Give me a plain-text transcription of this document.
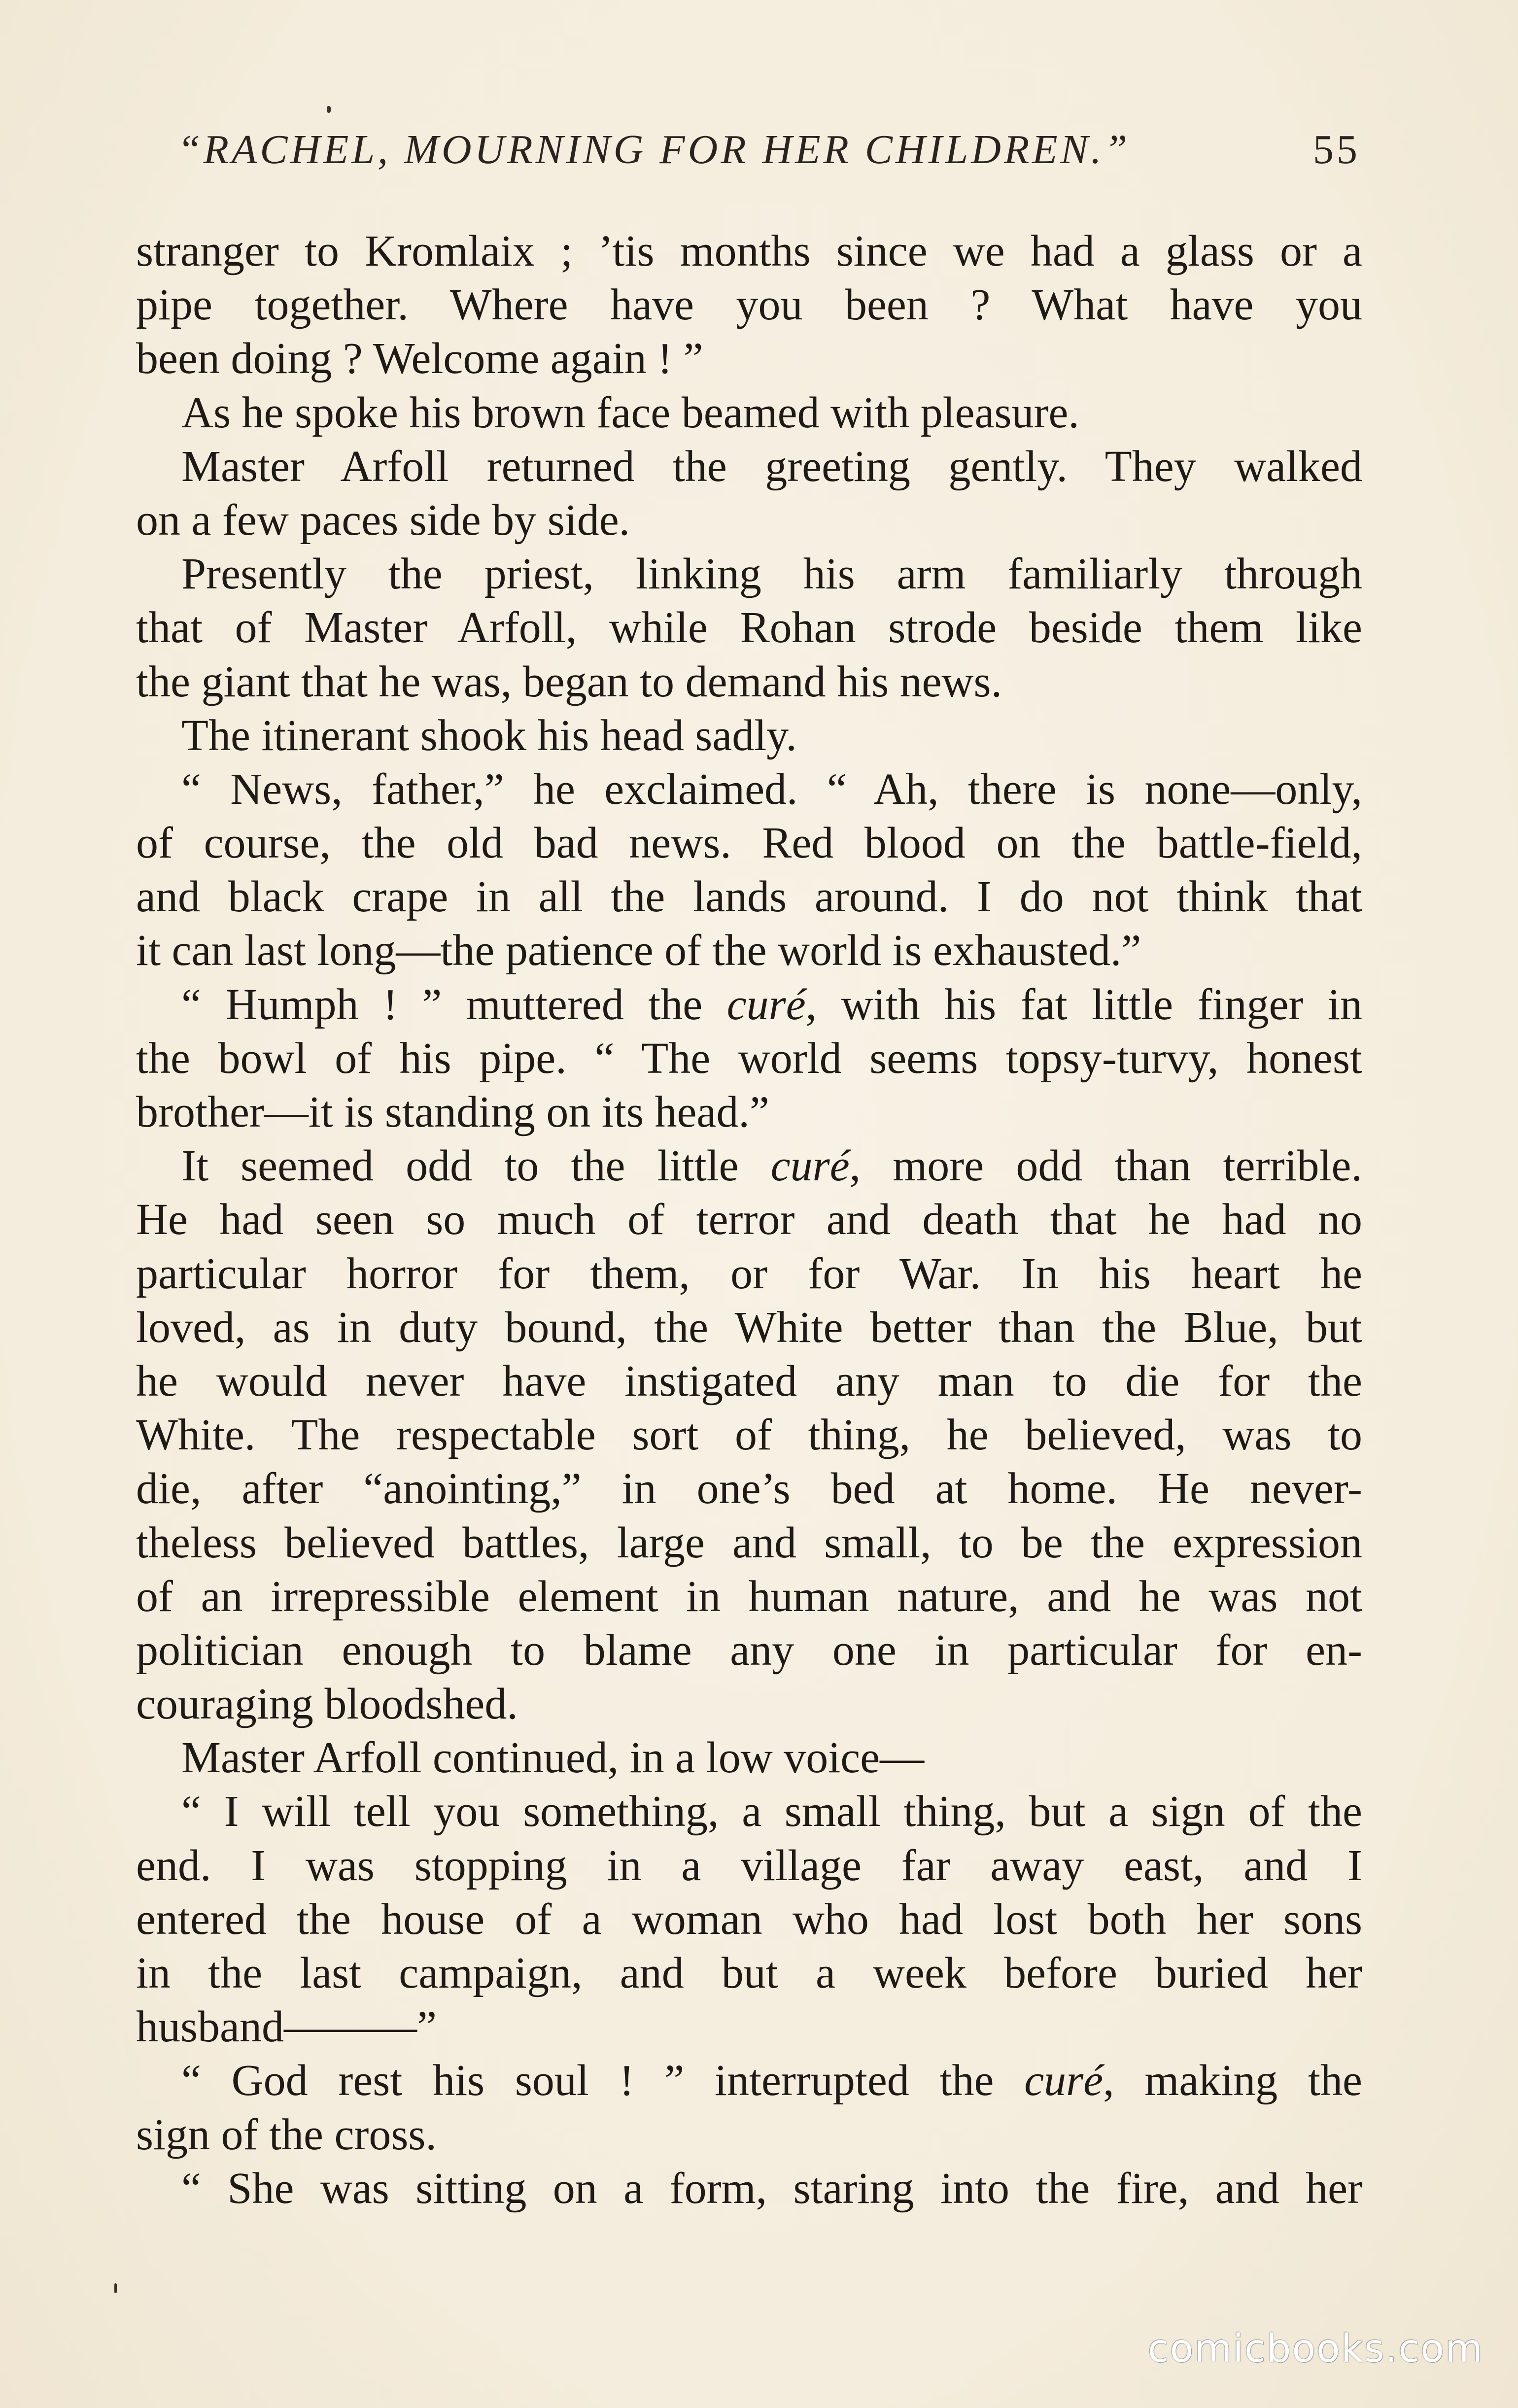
“RACHEL, MOURNING FOR HER CHILDREN.”	55
stranger to Kromlaix ; ’tis months since we had a glass or a
pipe together. Where have you been ? What have you
been doing ? Welcome again ! ”
As he spoke his brown face beamed with pleasure.
Master Arfoll returned the greeting gently. They walked
on a few paces side by side.
Presently the priest, linking his arm familiarly through
that of Master Arfoll, while Rohan strode beside them like
the giant that he was, began to demand his news.
The itinerant shook his head sadly.
“ News, father,” he exclaimed. “ Ah, there is none—only,
of course, the old bad news. Red blood on the battle-field,
and black crape in all the lands around. I do not think that
it can last long—the patience of the world is exhausted.”
“ Humph ! ” muttered the curé, with his fat little finger in
the bowl of his pipe. “ The world seems topsy-turvy, honest
brother—it is standing on its head.”
It seemed odd to the little curé, more odd than terrible.
He had seen so much of terror and death that he had no
particular horror for them, or for War. In his heart he
loved, as in duty bound, the White better than the Blue, but
he would never have instigated any man to die for the
White. The respectable sort of thing, he believed, was to
die, after “anointing,” in one’s bed at home. He never-
theless believed battles, large and small, to be the expression
of an irrepressible element in human nature, and he was not
politician enough to blame any one in particular for en-
couraging bloodshed.
Master Arfoll continued, in a low voice—
“ I will tell you something, a small thing, but a sign of the
end. I was stopping in a village far away east, and I
entered the house of a woman who had lost both her sons
in the last campaign, and but a week before buried her
husband———”
“ God rest his soul ! ” interrupted the curé, making the
sign of the cross.
“ She was sitting on a form, staring into the fire, and her
comicbooks.com
